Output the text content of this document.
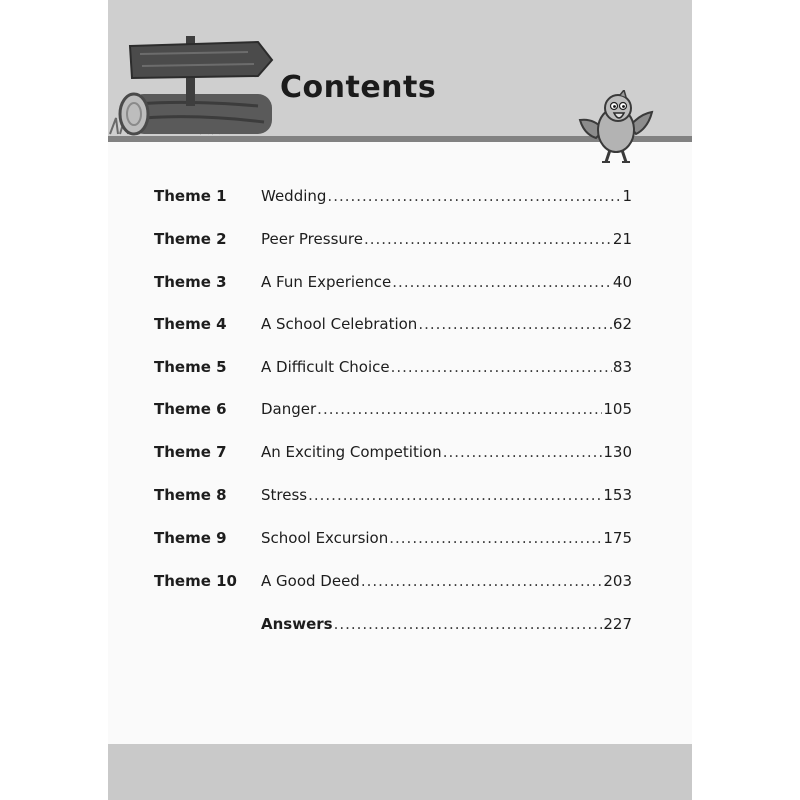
Contents
Theme 1	Wedding .....	1
Theme 2	Peer Pressure .....	21
Theme 3	A Fun Experience .....	40
Theme 4	A School Celebration .....	62
Theme 5	A Difficult Choice .....	83
Theme 6	Danger .....	105
Theme 7	An Exciting Competition .....	130
Theme 8	Stress .....	153
Theme 9	School Excursion .....	175
Theme 10	A Good Deed .....	203
Answers .....	227
